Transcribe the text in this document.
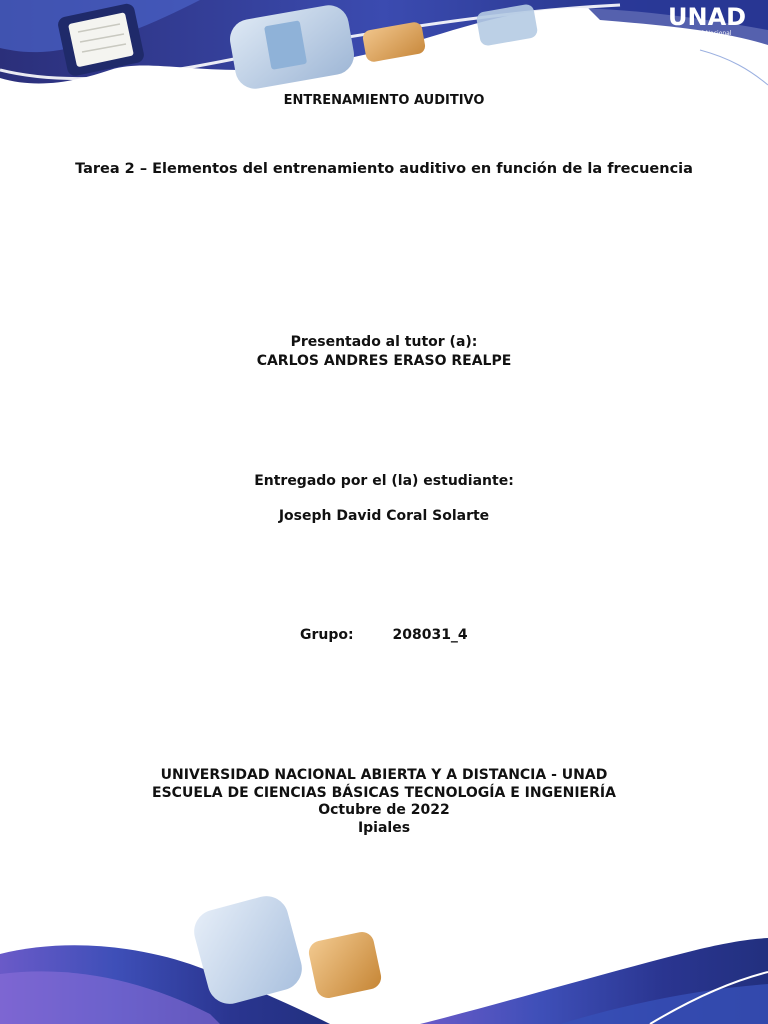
UNAD
Universidad Nacional
Abierta y a Distancia
ENTRENAMIENTO AUDITIVO
Tarea 2 – Elementos del entrenamiento auditivo en función de la frecuencia
Presentado al tutor (a):
CARLOS ANDRES ERASO REALPE
Entregado por el (la) estudiante:
Joseph David Coral Solarte
Grupo:	208031_4
UNIVERSIDAD NACIONAL ABIERTA Y A DISTANCIA - UNAD
ESCUELA DE CIENCIAS BÁSICAS TECNOLOGÍA E INGENIERÍA
Octubre de 2022
Ipiales
